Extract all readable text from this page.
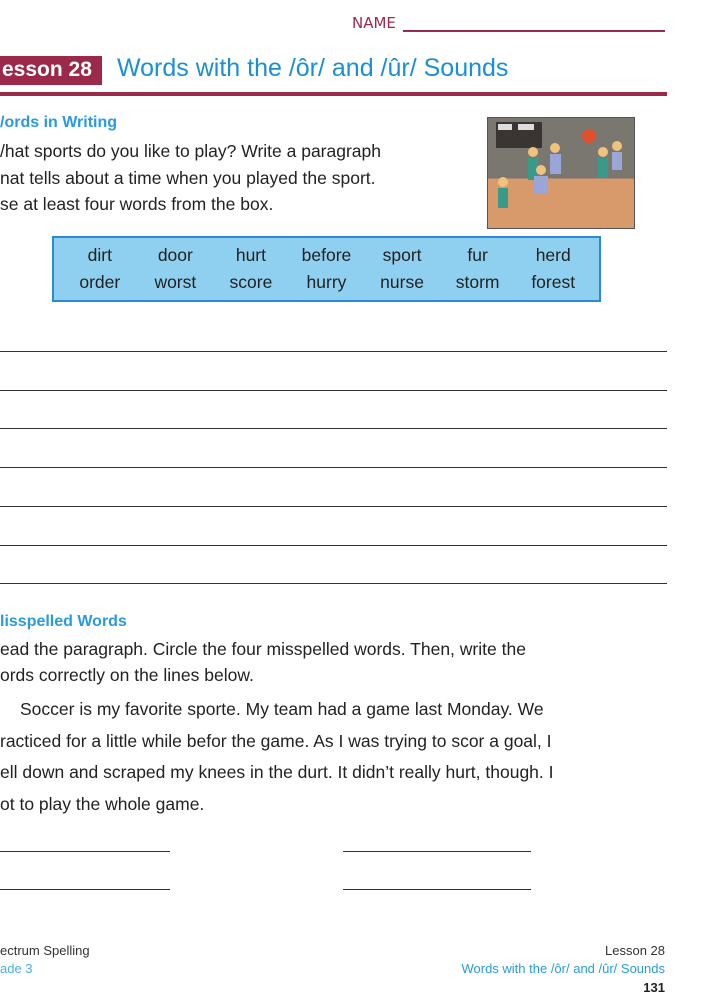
NAME
esson 28	Words with the /ôr/ and /ûr/ Sounds
/ords in Writing
/hat sports do you like to play? Write a paragraph
nat tells about a time when you played the sport.
se at least four words from the box.
dirt	door	hurt	before	sport	fur	herd
order	worst	score	hurry	nurse	storm	forest
lisspelled Words
ead the paragraph. Circle the four misspelled words. Then, write the
ords correctly on the lines below.
Soccer is my favorite sporte. My team had a game last Monday. We
racticed for a little while befor the game. As I was trying to scor a goal, I
ell down and scraped my knees in the durt. It didn’t really hurt, though. I
ot to play the whole game.
ectrum Spelling
ade 3
Lesson 28
Words with the /ôr/ and /ûr/ Sounds
131
